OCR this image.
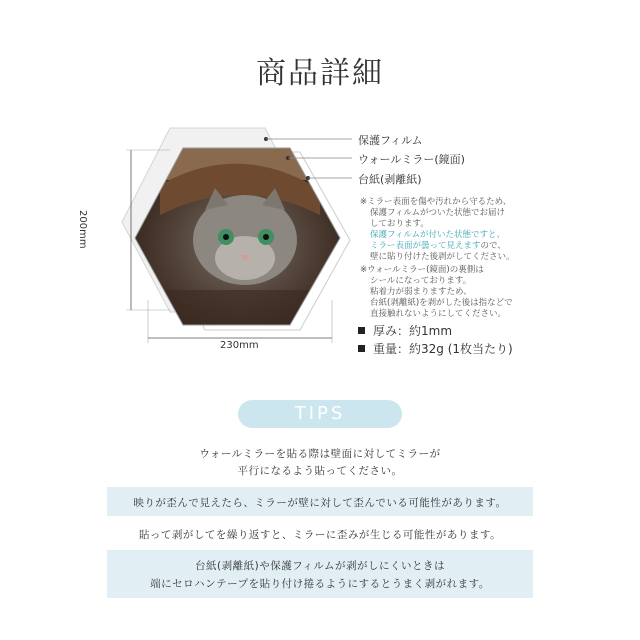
商品詳細
保護フィルム
ウォールミラー(鏡面)
台紙(剥離紙)
※ミラー表面を傷や汚れから守るため、
保護フィルムがついた状態でお届け
しております。
保護フィルムが付いた状態ですと、
ミラー表面が曇って見えますので、
壁に貼り付けた後剥がしてください。
※ウォールミラー(鏡面)の裏側は
シールになっております。
粘着力が弱まりますため、
台紙(剥離紙)を剥がした後は指などで
直接触れないようにしてください。
厚み：約1mm
重量：約32g (1枚当たり)
200mm
230mm
TIPS
ウォールミラーを貼る際は壁面に対してミラーが
平行になるよう貼ってください。
映りが歪んで見えたら、ミラーが壁に対して歪んでいる可能性があります。
貼って剥がしてを繰り返すと、ミラーに歪みが生じる可能性があります。
台紙(剥離紙)や保護フィルムが剥がしにくいときは
端にセロハンテープを貼り付け捲るようにするとうまく剥がれます。
